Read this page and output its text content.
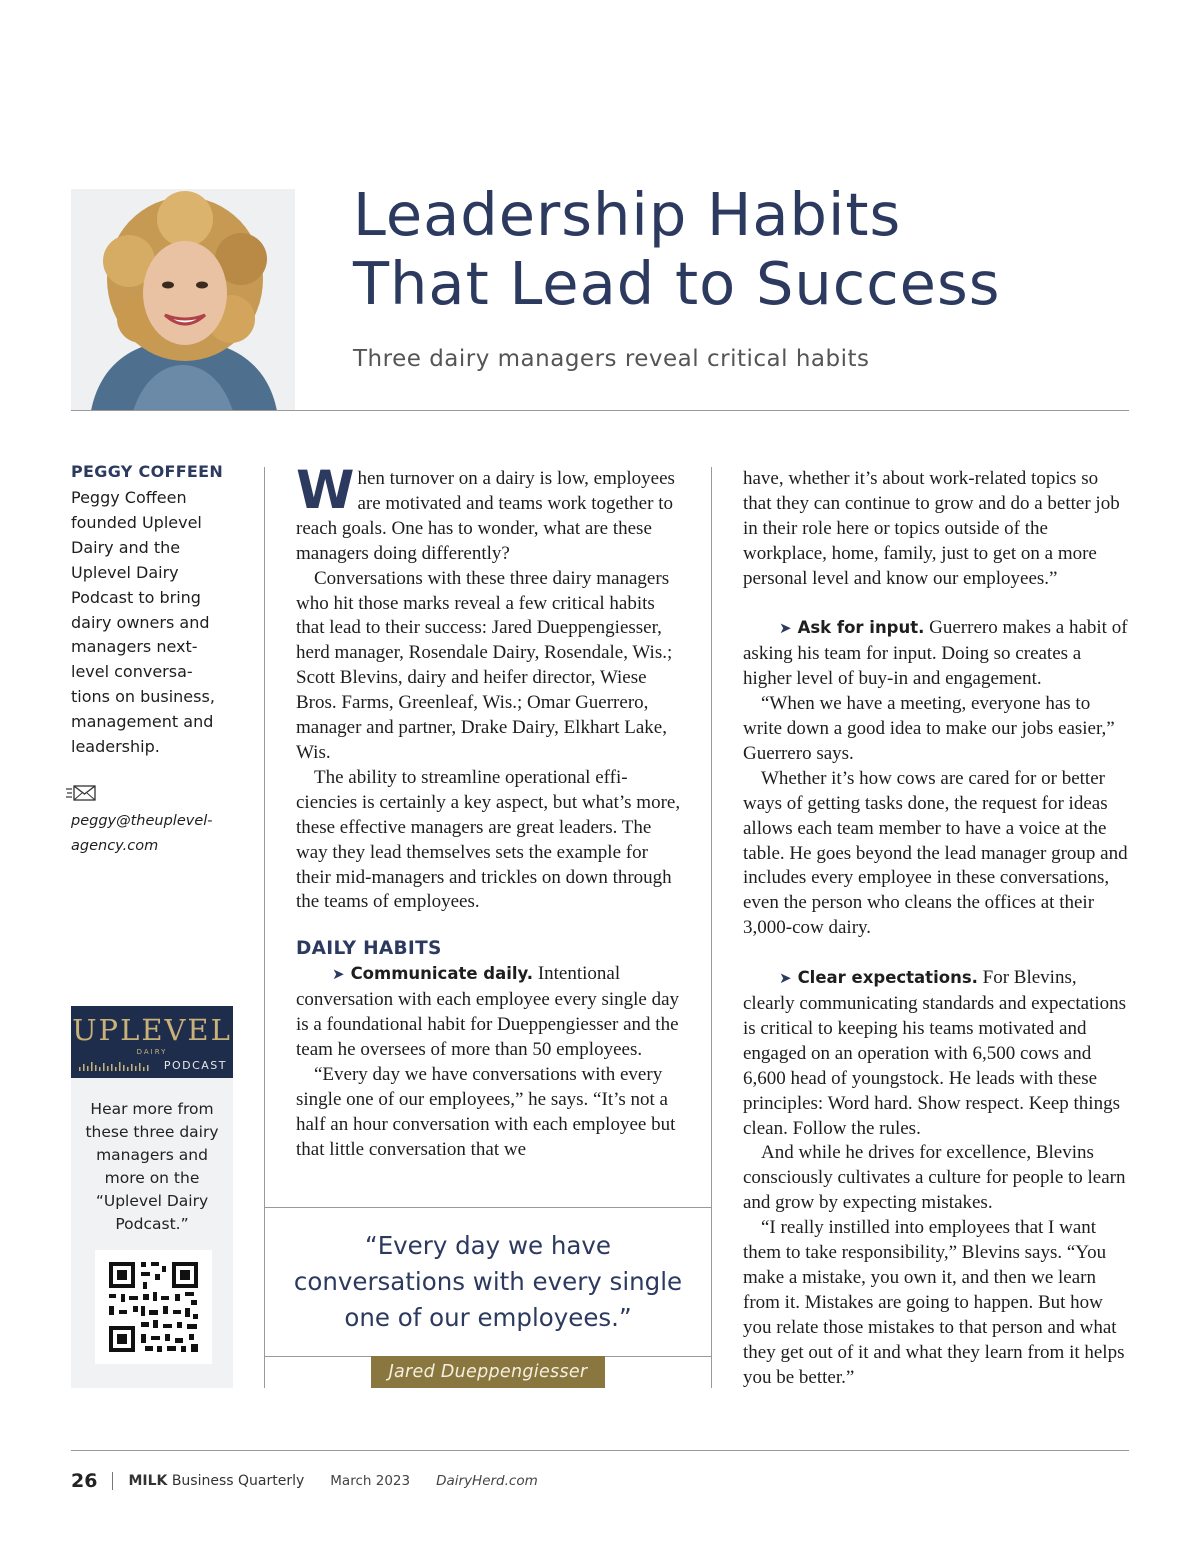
Leadership Habits
That Lead to Success
Three dairy managers reveal critical habits
PEGGY COFFEEN
Peggy Coffeen founded Uplevel Dairy and the Uplevel Dairy Podcast to bring dairy owners and managers next-level conversa-tions on business, management and leadership.
peggy@theuplevel-
agency.com
UPLEVEL
DAIRY
PODCAST
Hear more from these three dairy managers and more on the “Uplevel Dairy Podcast.”

When turnover on a dairy is low, employees are motivated and teams work together to reach goals. One has to wonder, what are these managers doing differently?

Conversations with these three dairy managers who hit those marks reveal a few critical habits that lead to their success: Jared Dueppengiesser, herd manager, Rosendale Dairy, Rosendale, Wis.; Scott Blevins, dairy and heifer director, Wiese Bros. Farms, Greenleaf, Wis.; Omar Guerrero, manager and partner, Drake Dairy, Elkhart Lake, Wis.

The ability to streamline operational efficiencies is certainly a key aspect, but what’s more, these effective managers are great leaders. The way they lead themselves sets the example for their mid-managers and trickles on down through the teams of employees.

DAILY HABITS

➤ Communicate daily. Intentional conversation with each employee every single day is a foundational habit for Dueppengiesser and the team he oversees of more than 50 employees.

“Every day we have conversations with every single one of our employees,” he says. “It’s not a half an hour conversation with each employee but that little conversation that we

have, whether it’s about work-related topics so that they can continue to grow and do a better job in their role here or topics outside of the workplace, home, family, just to get on a more personal level and know our employees.”

➤ Ask for input. Guerrero makes a habit of asking his team for input. Doing so creates a higher level of buy-in and engagement.

“When we have a meeting, everyone has to write down a good idea to make our jobs easier,” Guerrero says.

Whether it’s how cows are cared for or better ways of getting tasks done, the request for ideas allows each team member to have a voice at the table. He goes beyond the lead manager group and includes every employee in these conversations, even the person who cleans the offices at their 3,000-cow dairy.

➤ Clear expectations. For Blevins, clearly communicating standards and expectations is critical to keeping his teams motivated and engaged on an operation with 6,500 cows and 6,600 head of youngstock. He leads with these principles: Word hard. Show respect. Keep things clean. Follow the rules.

And while he drives for excellence, Blevins consciously cultivates a culture for people to learn and grow by expecting mistakes.

“I really instilled into employees that I want them to take responsibility,” Blevins says. “You make a mistake, you own it, and then we learn from it. Mistakes are going to happen. But how you relate those mistakes to that person and what they get out of it and what they learn from it helps you be better.”

“Every day we have conversations with every single one of our employees.”

Jared Dueppengiesser
26 MILK Business Quarterly March 2023 DairyHerd.com
